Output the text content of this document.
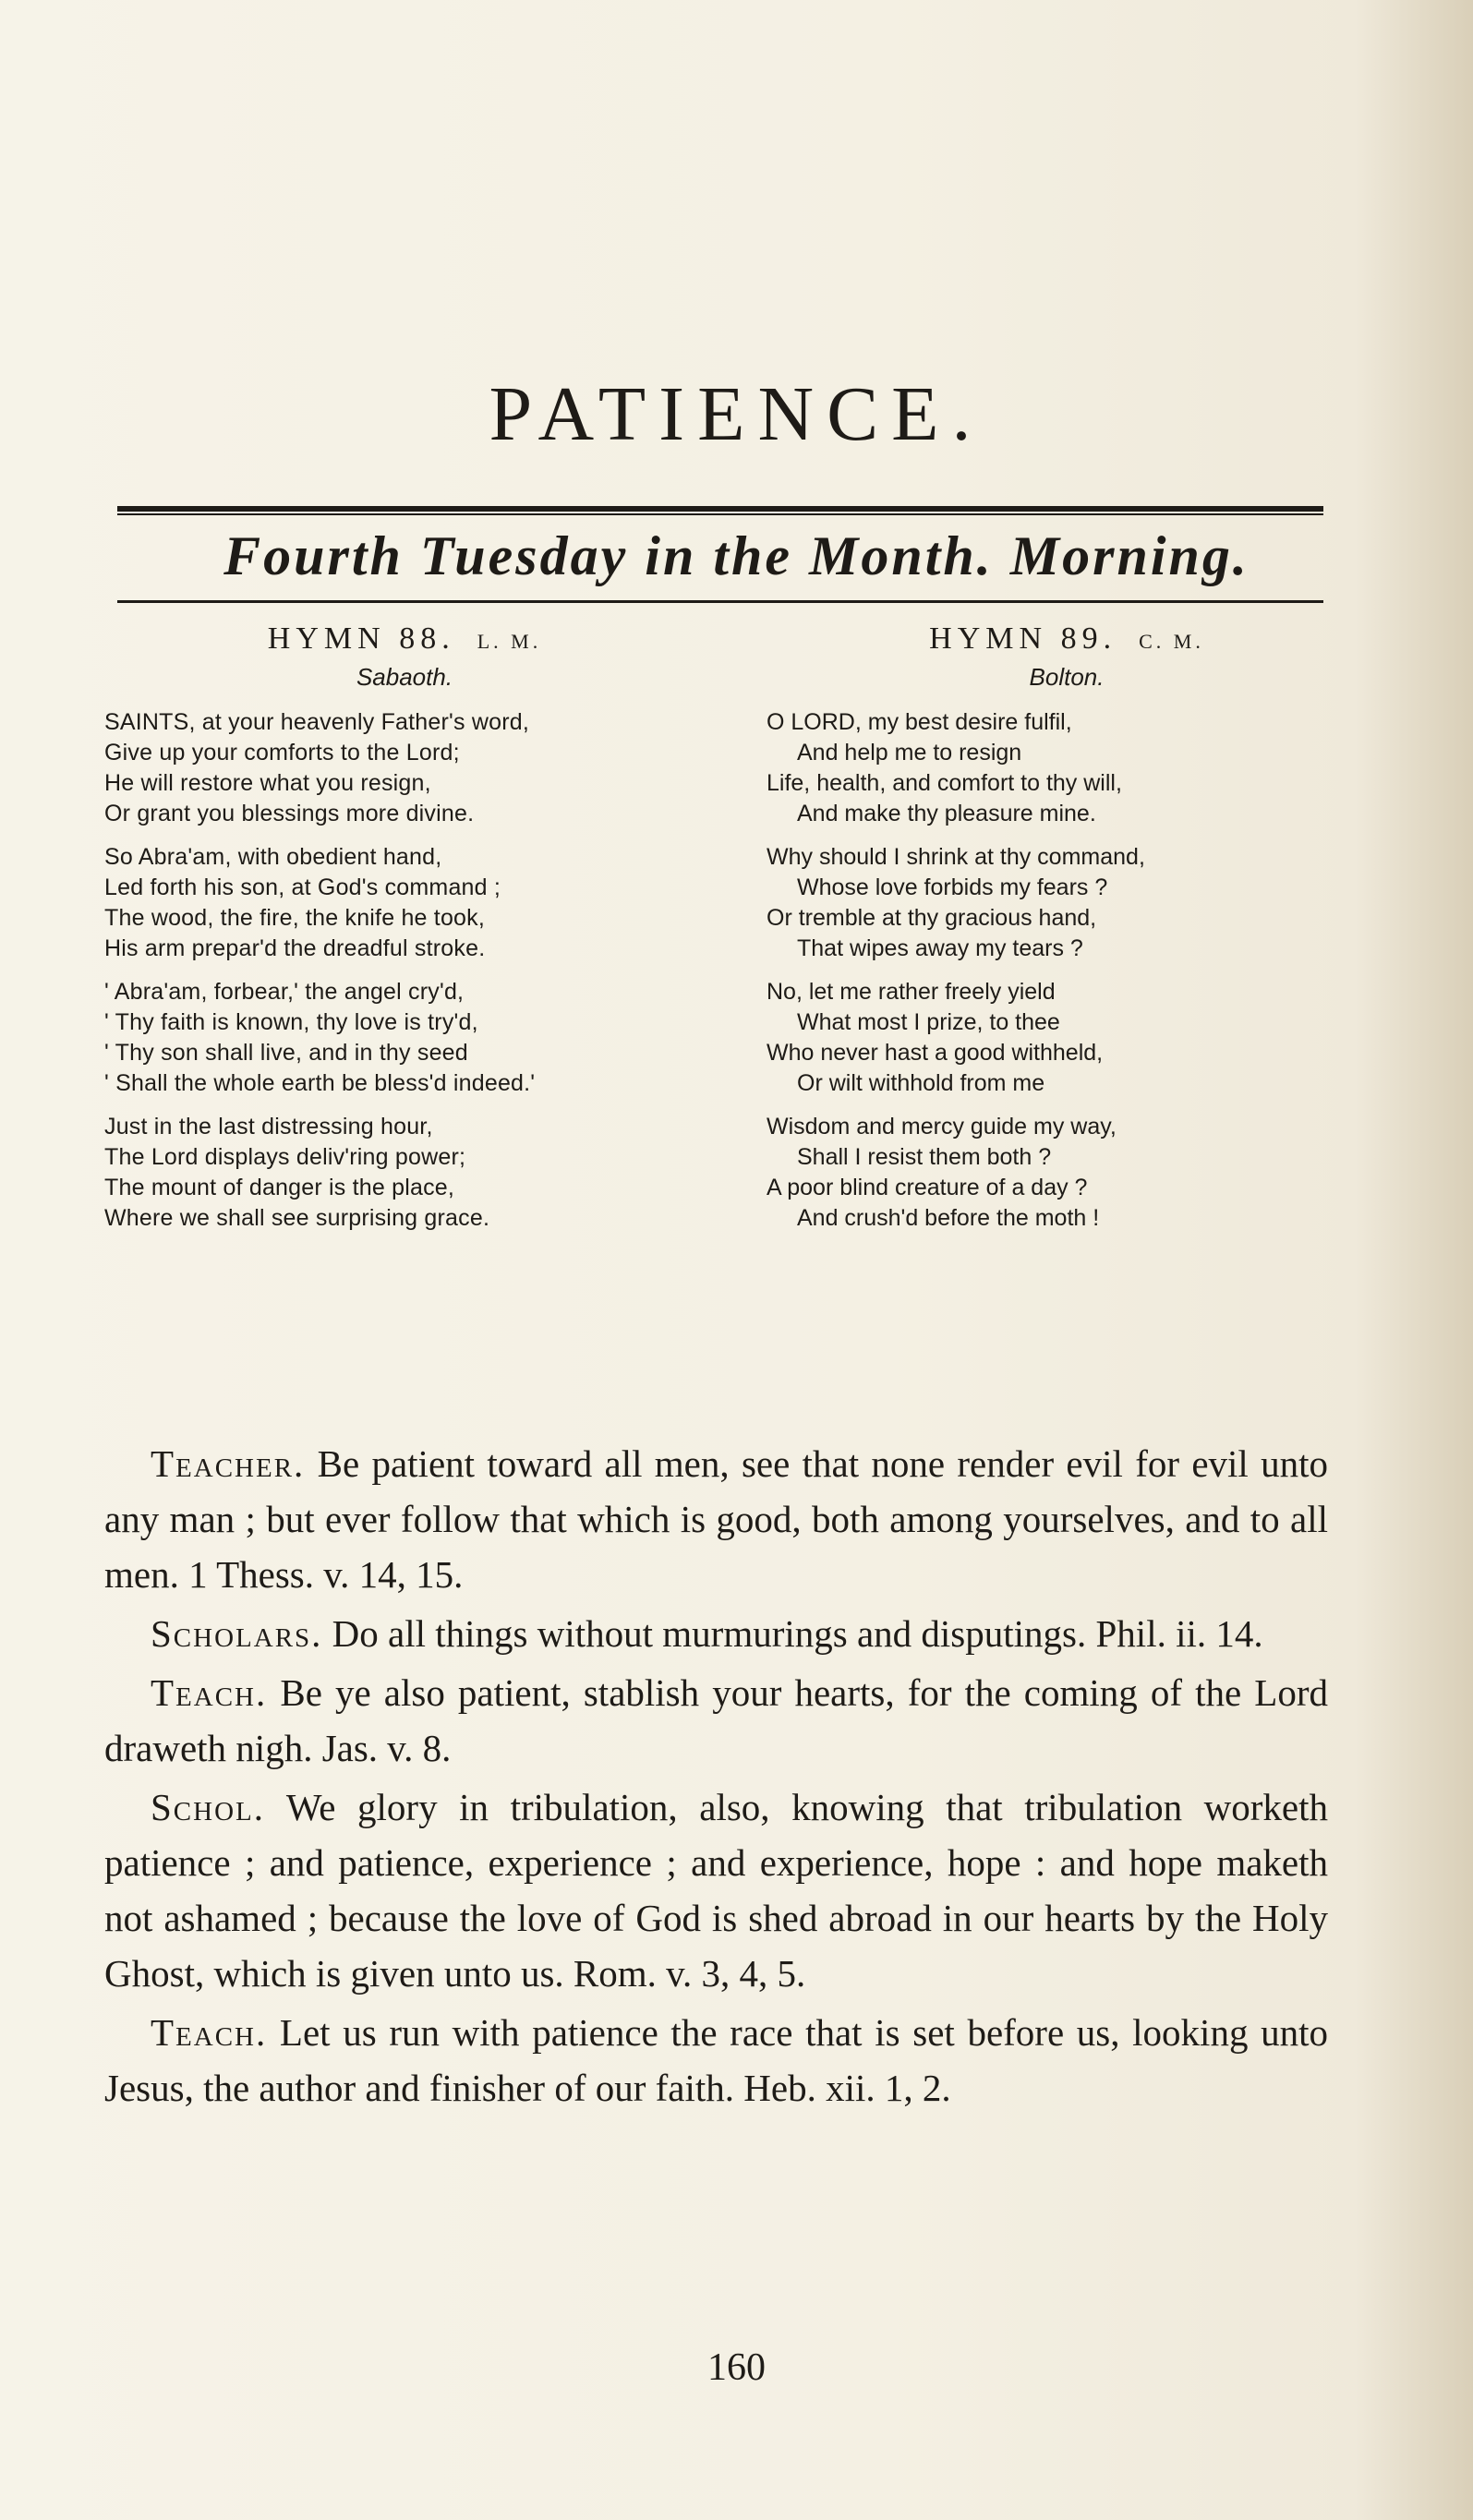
PATIENCE.
Fourth Tuesday in the Month. Morning.
HYMN 88. L. M.
Sabaoth.
SAINTS, at your heavenly Father's word,
Give up your comforts to the Lord;
He will restore what you resign,
Or grant you blessings more divine.
So Abra'am, with obedient hand,
Led forth his son, at God's command ;
The wood, the fire, the knife he took,
His arm prepar'd the dreadful stroke.
' Abra'am, forbear,' the angel cry'd,
' Thy faith is known, thy love is try'd,
' Thy son shall live, and in thy seed
' Shall the whole earth be bless'd indeed.'
Just in the last distressing hour,
The Lord displays deliv'ring power;
The mount of danger is the place,
Where we shall see surprising grace.
HYMN 89. C. M.
Bolton.
O LORD, my best desire fulfil,
And help me to resign
Life, health, and comfort to thy will,
And make thy pleasure mine.
Why should I shrink at thy command,
Whose love forbids my fears ?
Or tremble at thy gracious hand,
That wipes away my tears ?
No, let me rather freely yield
What most I prize, to thee
Who never hast a good withheld,
Or wilt withhold from me
Wisdom and mercy guide my way,
Shall I resist them both ?
A poor blind creature of a day ?
And crush'd before the moth !

Teacher. Be patient toward all men, see that none render evil for evil unto any man ; but ever follow that which is good, both among yourselves, and to all men. 1 Thess. v. 14, 15.

Scholars. Do all things without murmurings and disputings. Phil. ii. 14.

Teach. Be ye also patient, stablish your hearts, for the coming of the Lord draweth nigh. Jas. v. 8.

Schol. We glory in tribulation, also, knowing that tribulation worketh patience ; and patience, experience ; and experience, hope : and hope maketh not ashamed ; because the love of God is shed abroad in our hearts by the Holy Ghost, which is given unto us. Rom. v. 3, 4, 5.

Teach. Let us run with patience the race that is set before us, looking unto Jesus, the author and finisher of our faith. Heb. xii. 1, 2.

160
